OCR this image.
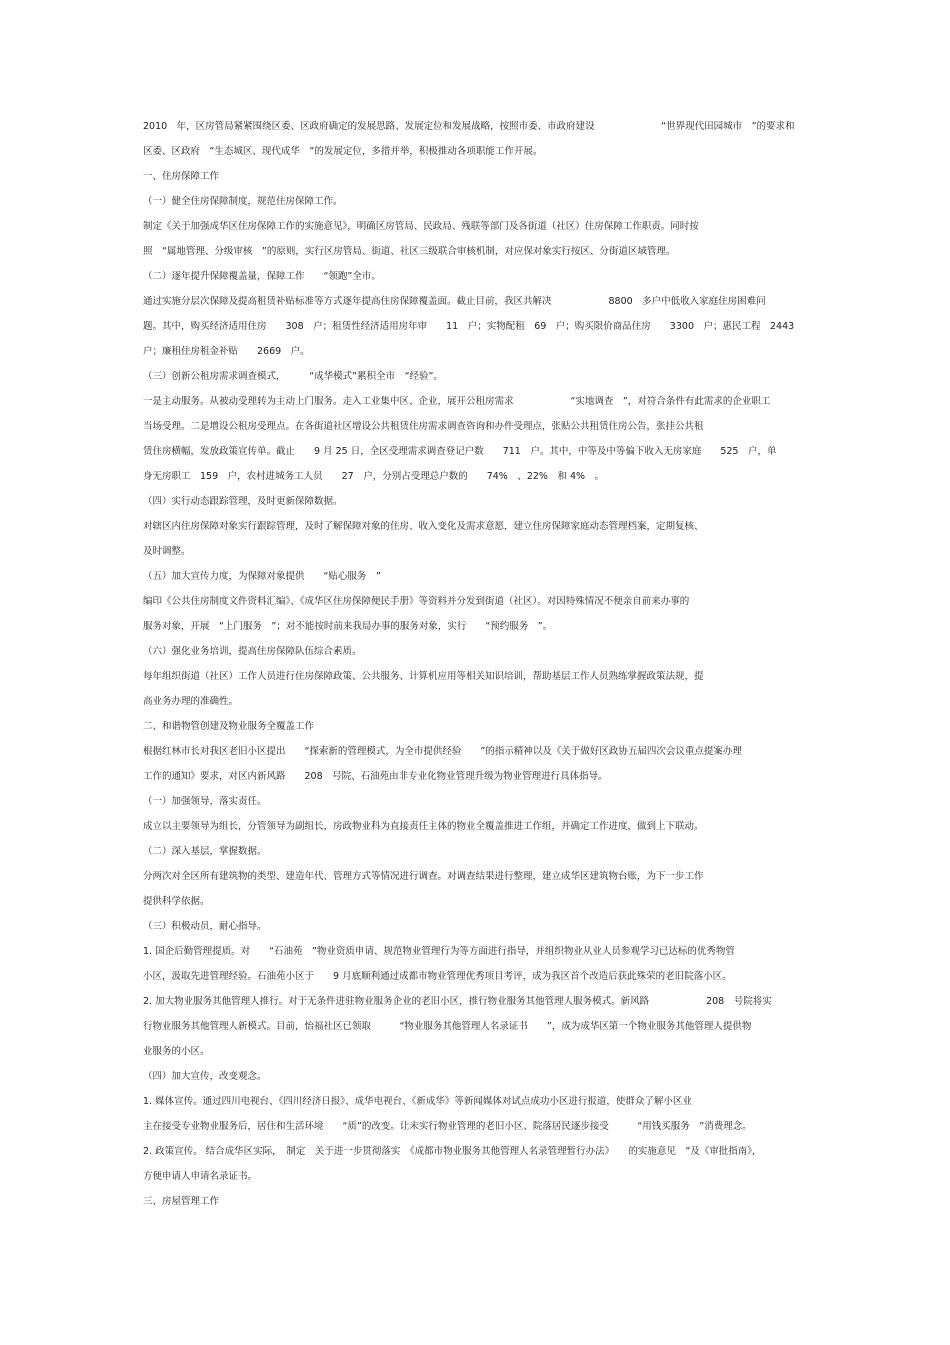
2010　年，区房管局紧紧围绕区委、区政府确定的发展思路、发展定位和发展战略，按照市委、市政府建设　　　　　　　“世界现代田园城市　”的要求和
区委、区政府　“生态城区、现代成华　”的发展定位，多措并举，积极推动各项职能工作开展。
一、住房保障工作
（一）健全住房保障制度，规范住房保障工作。
制定《关于加强成华区住房保障工作的实施意见》，明确区房管局、民政局、残联等部门及各街道（社区）住房保障工作职责。同时按
照　“属地管理、分级审核　”的原则，实行区房管局、街道、社区三级联合审核机制，对应保对象实行按区、分街道区域管理。
（二）逐年提升保障覆盖量，保障工作　　“领跑”全市。
通过实施分层次保障及提高租赁补贴标准等方式逐年提高住房保障覆盖面。截止目前，我区共解决　　　　　　8800　多户中低收入家庭住房困难问
题。其中，购买经济适用住房　　308　户；租赁性经济适用房年审　　11　户；实物配租　69　户；购买限价商品住房　　3300　户；惠民工程　2443
户；廉租住房租金补贴　　2669　户。
（三）创新公租房需求调查模式，　　　“成华模式”累积全市　“经验”。
一是主动服务。从被动受理转为主动上门服务。走入工业集中区、企业，展开公租房需求　　　　　　“实地调查　”，对符合条件有此需求的企业职工
当场受理。二是增设公租房受理点。在各街道社区增设公共租赁住房需求调查咨询和办件受理点，张贴公共租赁住房公告，张挂公共租
赁住房横幅，发放政策宣传单。截止　　9 月 25 日，全区受理需求调查登记户数　　711　户。其中，中等及中等偏下收入无房家庭　　525　户，单
身无房职工　159　户，农村进城务工人员　　27　户，分别占受理总户数的　　74%　、22%　和 4%　。
（四）实行动态跟踪管理，及时更新保障数据。
对辖区内住房保障对象实行跟踪管理，及时了解保障对象的住房、收入变化及需求意愿，建立住房保障家庭动态管理档案，定期复核、
及时调整。
（五）加大宣传力度，为保障对象提供　　“贴心服务　”
编印《公共住房制度文件资料汇编》、《成华区住房保障便民手册》等资料并分发到街道（社区）。对因特殊情况不便亲自前来办事的
服务对象，开展　“上门服务　”；对不能按时前来我局办事的服务对象，实行　　“预约服务　”。
（六）强化业务培训，提高住房保障队伍综合素质。
每年组织街道（社区）工作人员进行住房保障政策、公共服务、计算机应用等相关知识培训，帮助基层工作人员熟练掌握政策法规，提
高业务办理的准确性。
二、和谐物管创建及物业服务全覆盖工作
根据红林市长对我区老旧小区提出　　“探索新的管理模式，为全市提供经验　　”的指示精神以及《关于做好区政协五届四次会议重点提案办理
工作的通知》要求，对区内新风路　　208　号院、石油苑由非专业化物业管理升级为物业管理进行具体指导。
（一）加强领导，落实责任。
成立以主要领导为组长，分管领导为副组长，房政物业科为直接责任主体的物业全覆盖推进工作组，并确定工作进度，做到上下联动。
（二）深入基层，掌握数据。
分两次对全区所有建筑物的类型、建造年代、管理方式等情况进行调查。对调查结果进行整理，建立成华区建筑物台账，为下一步工作
提供科学依据。
（三）积极动员，耐心指导。
1. 国企后勤管理提质。对　　“石油苑　”物业资质申请、规范物业管理行为等方面进行指导，并组织物业从业人员参观学习已达标的优秀物管
小区，汲取先进管理经验。石油苑小区于　　9 月底顺利通过成都市物业管理优秀项目考评，成为我区首个改造后获此殊荣的老旧院落小区。
2. 加大物业服务其他管理人推行。对于无条件进驻物业服务企业的老旧小区，推行物业服务其他管理人服务模式。新风路　　　　　　208　号院将实
行物业服务其他管理人新模式。目前，怡福社区已领取　　　“物业服务其他管理人名录证书　　”，成为成华区第一个物业服务其他管理人提供物
业服务的小区。
（四）加大宣传，改变观念。
1. 媒体宣传。通过四川电视台、《四川经济日报》、成华电视台、《新成华》等新闻媒体对试点成功小区进行报道，使群众了解小区业
主在接受专业物业服务后，居住和生活环境　　“质”的改变。让未实行物业管理的老旧小区、院落居民逐步接受　　　“用钱买服务　”消费理念。
2. 政策宣传。 结合成华区实际，　制定　关于进一步贯彻落实　《成都市物业服务其他管理人名录管理暂行办法》　　的实施意见　”及《审批指南》，
方便申请人申请名录证书。
三、房屋管理工作
